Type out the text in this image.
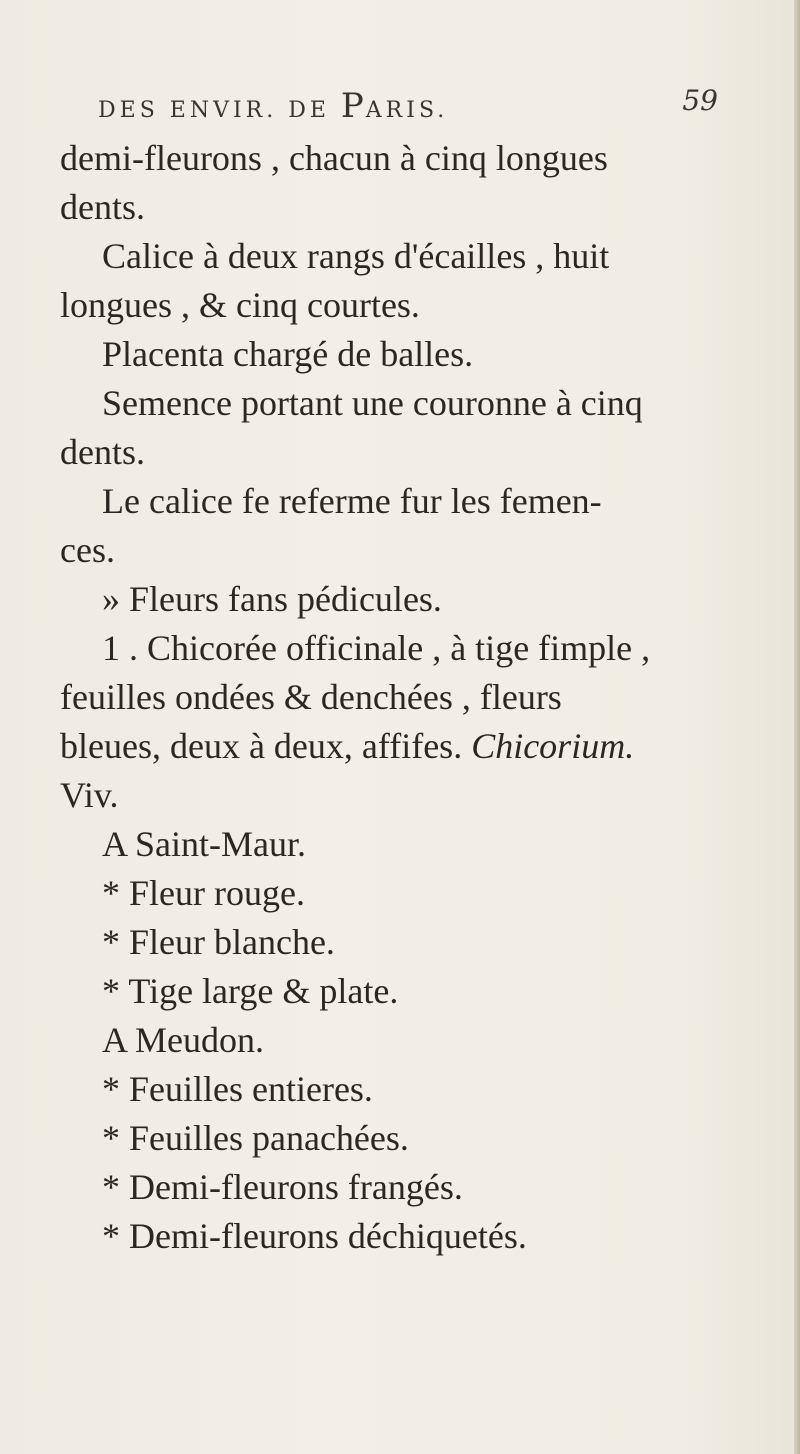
DES ENVIR. DE PARIS.	59
demi-fleurons , chacun à cinq longues
dents.
Calice à deux rangs d'écailles , huit
longues , & cinq courtes.
Placenta chargé de balles.
Semence portant une couronne à cinq
dents.
Le calice fe referme fur les femen-
ces.
» Fleurs fans pédicules.
1 . Chicorée officinale , à tige fimple ,
feuilles ondées & denchées , fleurs
bleues, deux à deux, affifes. Chicorium.
Viv.
A Saint-Maur.
* Fleur rouge.
* Fleur blanche.
* Tige large & plate.
A Meudon.
* Feuilles entieres.
* Feuilles panachées.
* Demi-fleurons frangés.
* Demi-fleurons déchiquetés.
